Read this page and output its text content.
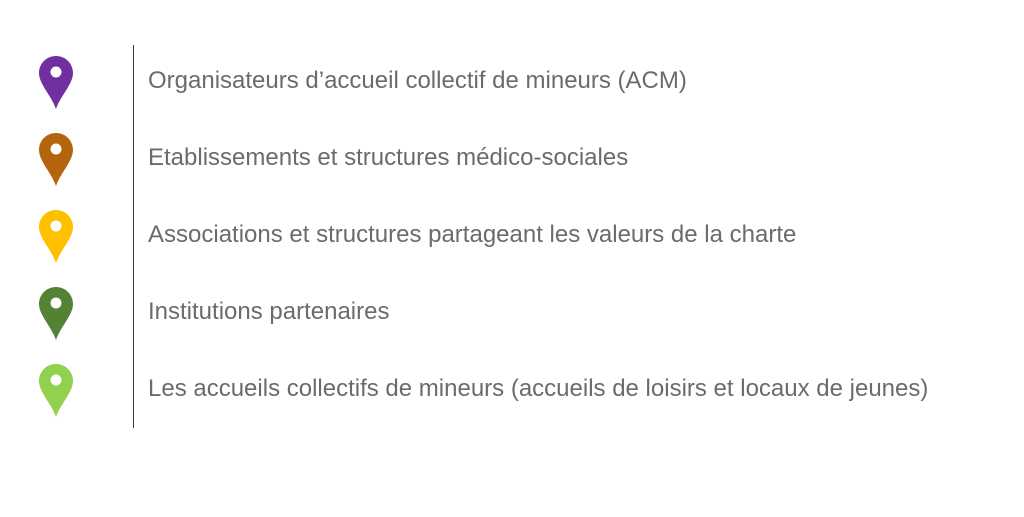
Organisateurs d’accueil collectif de mineurs (ACM)
Etablissements et structures médico-sociales
Associations et structures partageant les valeurs de la charte
Institutions partenaires
Les accueils collectifs de mineurs (accueils de loisirs et locaux de jeunes)
